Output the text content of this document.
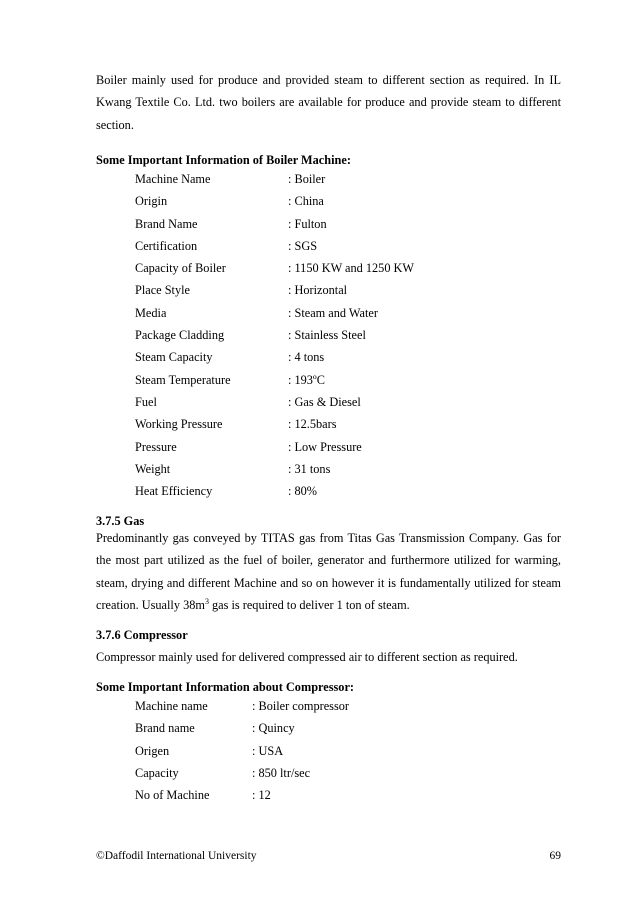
Boiler mainly used for produce and provided steam to different section as required. In IL Kwang Textile Co. Ltd. two boilers are available for produce and provide steam to different section.

Some Important Information of Boiler Machine:

Machine Name	: Boiler
Origin	: China
Brand Name	: Fulton
Certification	: SGS
Capacity of Boiler	: 1150 KW and 1250 KW
Place Style	: Horizontal
Media	: Steam and Water
Package Cladding	: Stainless Steel
Steam Capacity	: 4 tons
Steam Temperature	: 193ºC
Fuel	: Gas & Diesel
Working Pressure	: 12.5bars
Pressure	: Low Pressure
Weight	: 31 tons
Heat Efficiency	: 80%

3.7.5 Gas

Predominantly gas conveyed by TITAS gas from Titas Gas Transmission Company. Gas for the most part utilized as the fuel of boiler, generator and furthermore utilized for warming, steam, drying and different Machine and so on however it is fundamentally utilized for steam creation. Usually $38m^3$ gas is required to deliver 1 ton of steam.

3.7.6 Compressor

Compressor mainly used for delivered compressed air to different section as required.

Some Important Information about Compressor:

Machine name	: Boiler compressor
Brand name	: Quincy
Origen	: USA
Capacity	: 850 ltr/sec
No of Machine	: 12
©Daffodil International University	69
